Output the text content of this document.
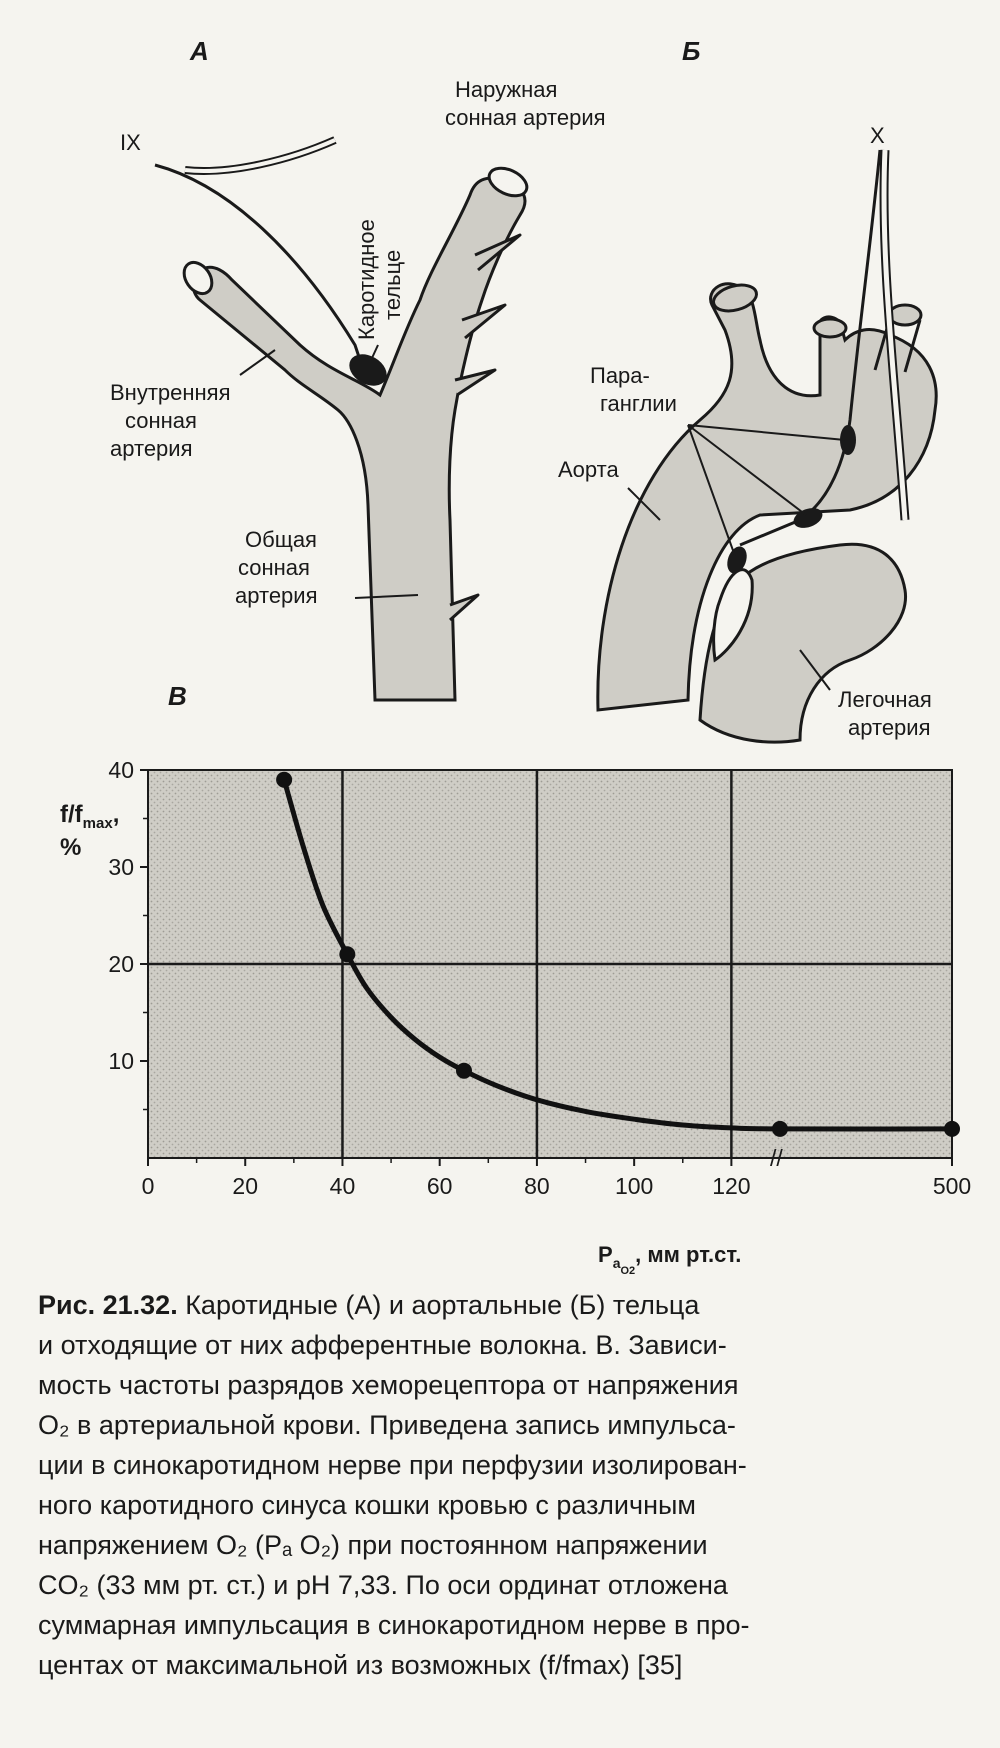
А
IX
Наружная
сонная артерия
Каротидное тельце
Внутренняя
сонная
артерия
Общая
сонная
артерия
Б
X
Пара-
ганглии
Аорта
Легочная
артерия
В
0	20	40	60	80	100	120	500
10
20
30
40
//
$f/f_{max}$,
%
$P_{aO2}$, мм рт.ст.
Рис. 21.32. Каротидные (А) и аортальные (Б) тельца
и отходящие от них афферентные волокна. В. Зависи-
мость частоты разрядов хеморецептора от напряжения
O₂ в артериальной крови. Приведена запись импульса-
ции в синокаротидном нерве при перфузии изолирован-
ного каротидного синуса кошки кровью с различным
напряжением O₂ (Pₐ O₂) при постоянном напряжении
CO₂ (33 мм рт. ст.) и pH 7,33. По оси ординат отложена
суммарная импульсация в синокаротидном нерве в про-
центах от максимальной из возможных (f/fmax) [35]
